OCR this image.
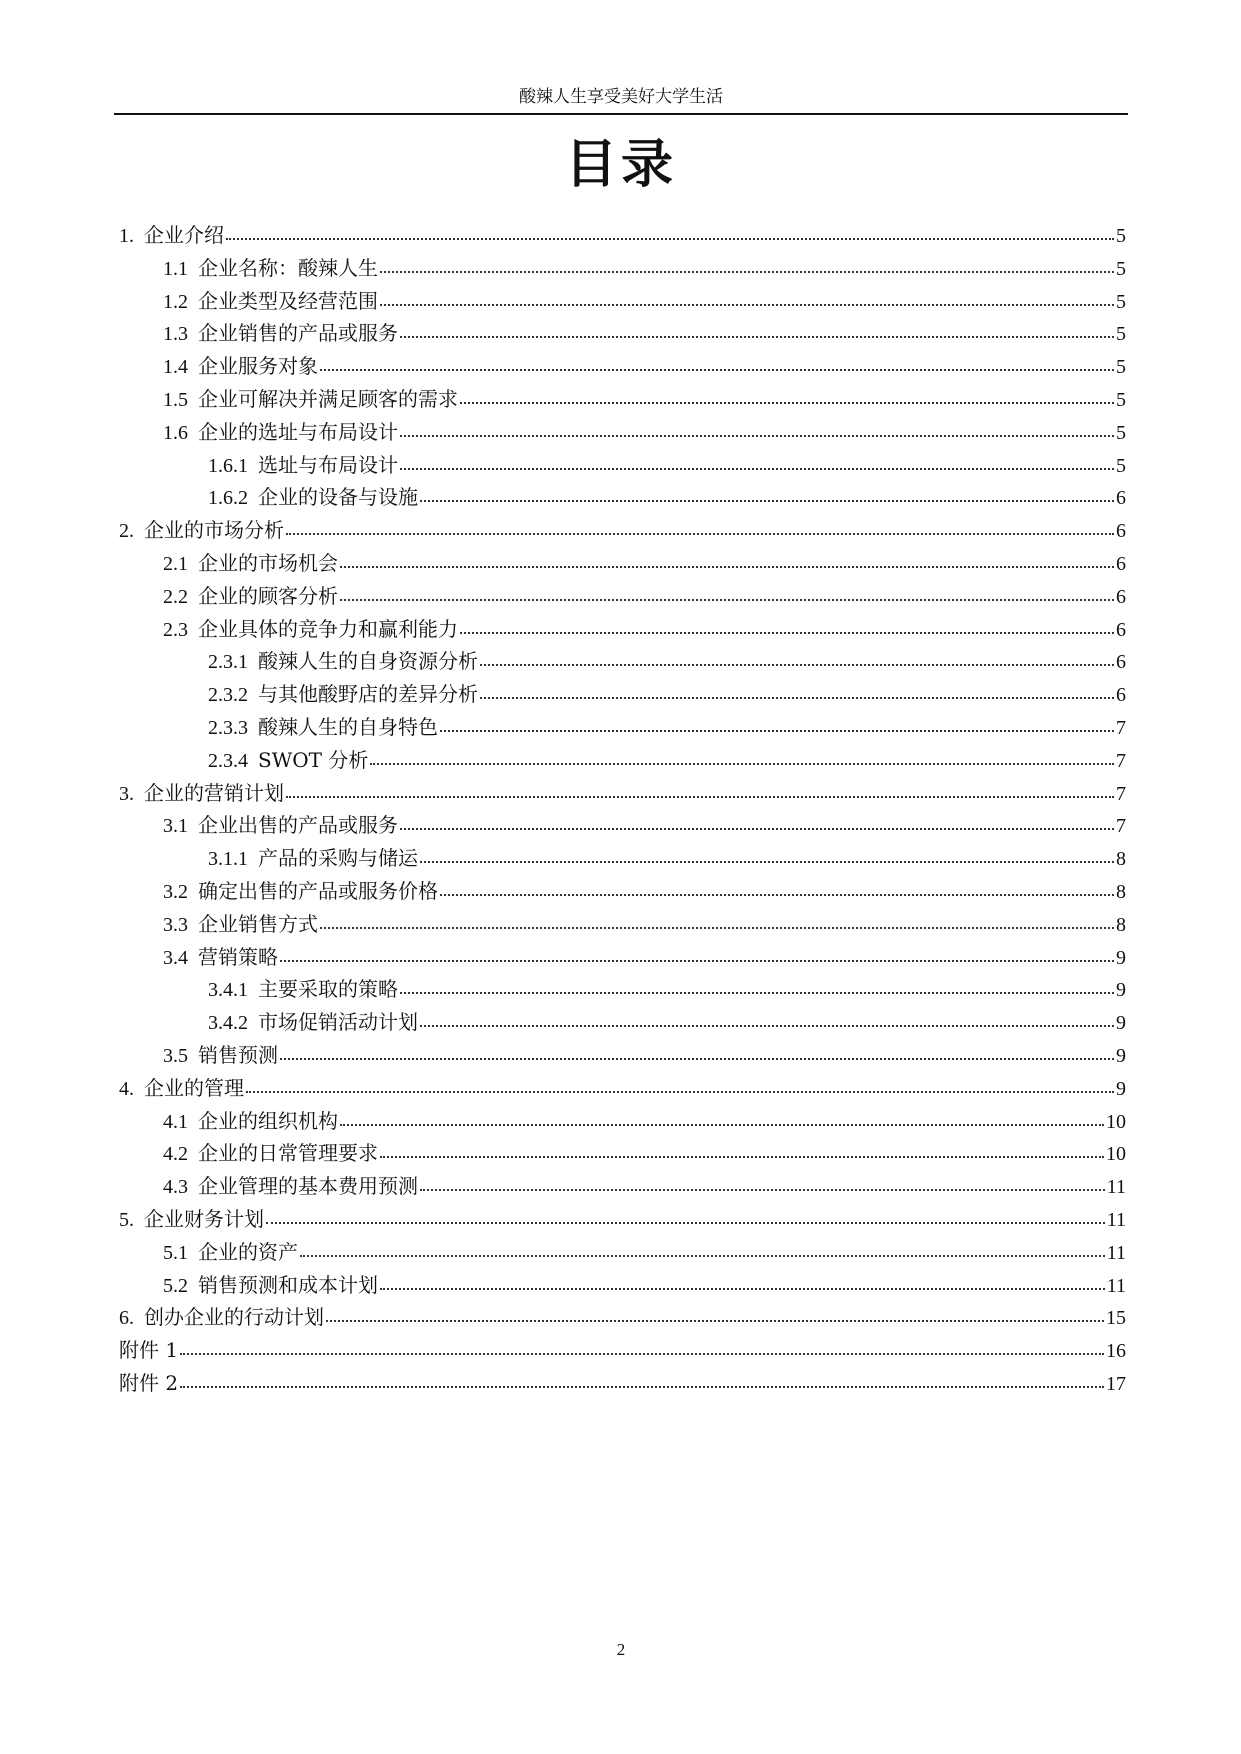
酸辣人生享受美好大学生活
目录
1. 企业介绍	5
1.1 企业名称：酸辣人生	5
1.2 企业类型及经营范围	5
1.3 企业销售的产品或服务	5
1.4 企业服务对象	5
1.5 企业可解决并满足顾客的需求	5
1.6 企业的选址与布局设计	5
1.6.1 选址与布局设计	5
1.6.2 企业的设备与设施	6
2. 企业的市场分析	6
2.1 企业的市场机会	6
2.2 企业的顾客分析	6
2.3 企业具体的竞争力和赢利能力	6
2.3.1 酸辣人生的自身资源分析	6
2.3.2 与其他酸野店的差异分析	6
2.3.3 酸辣人生的自身特色	7
2.3.4 SWOT 分析	7
3. 企业的营销计划	7
3.1 企业出售的产品或服务	7
3.1.1 产品的采购与储运	8
3.2 确定出售的产品或服务价格	8
3.3 企业销售方式	8
3.4 营销策略	9
3.4.1 主要采取的策略	9
3.4.2 市场促销活动计划	9
3.5 销售预测	9
4. 企业的管理	9
4.1 企业的组织机构	10
4.2 企业的日常管理要求	10
4.3 企业管理的基本费用预测	11
5. 企业财务计划	11
5.1 企业的资产	11
5.2 销售预测和成本计划	11
6. 创办企业的行动计划	15
附件 1	16
附件 2	17
2
